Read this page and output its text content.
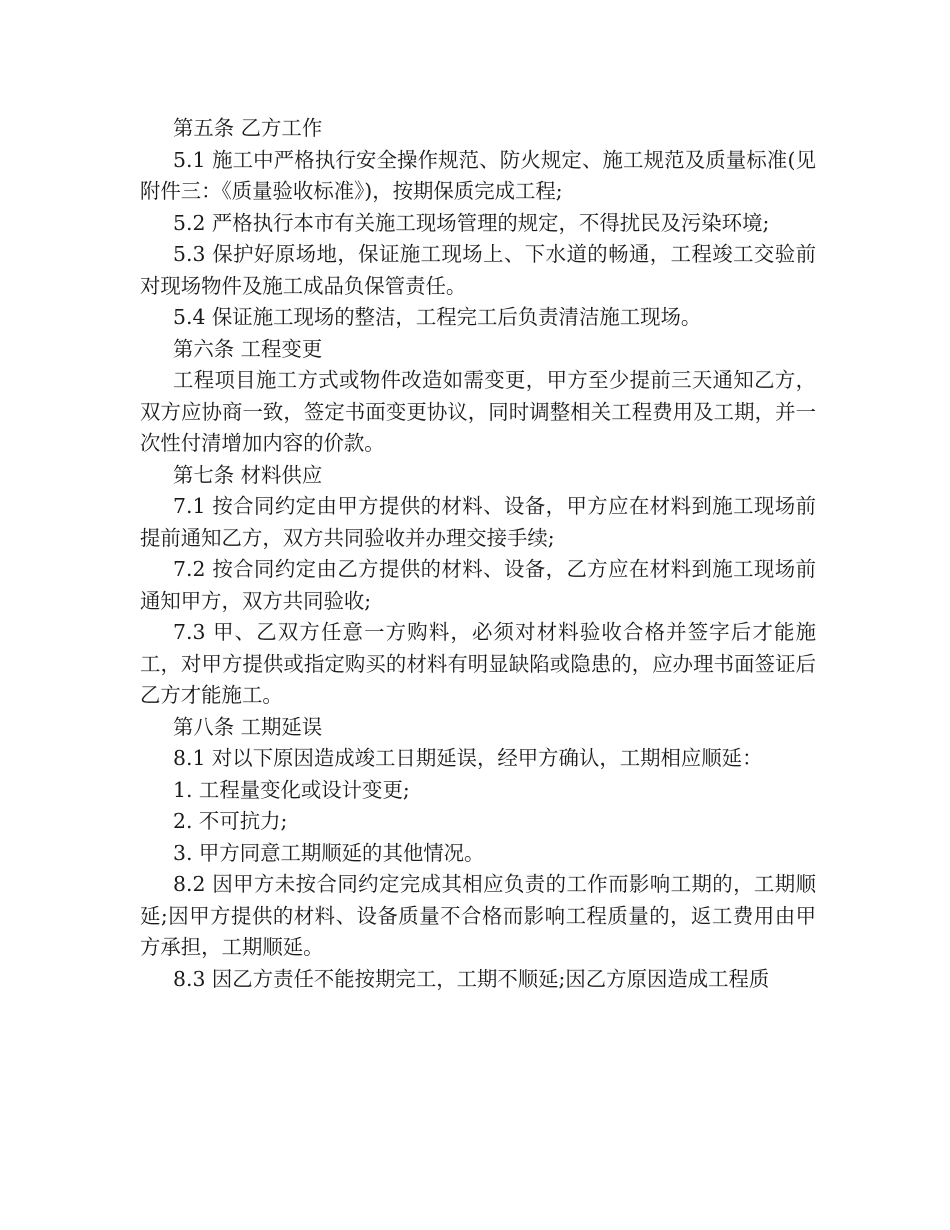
第五条 乙方工作

5.1 施工中严格执行安全操作规范、防火规定、施工规范及质量标准(见附件三：《质量验收标准》)，按期保质完成工程;

5.2 严格执行本市有关施工现场管理的规定，不得扰民及污染环境;

5.3 保护好原场地，保证施工现场上、下水道的畅通，工程竣工交验前对现场物件及施工成品负保管责任。

5.4 保证施工现场的整洁，工程完工后负责清洁施工现场。

第六条 工程变更

工程项目施工方式或物件改造如需变更，甲方至少提前三天通知乙方，双方应协商一致，签定书面变更协议，同时调整相关工程费用及工期，并一次性付清增加内容的价款。

第七条 材料供应

7.1 按合同约定由甲方提供的材料、设备，甲方应在材料到施工现场前提前通知乙方，双方共同验收并办理交接手续;

7.2 按合同约定由乙方提供的材料、设备，乙方应在材料到施工现场前通知甲方，双方共同验收;

7.3 甲、乙双方任意一方购料，必须对材料验收合格并签字后才能施工，对甲方提供或指定购买的材料有明显缺陷或隐患的，应办理书面签证后乙方才能施工。

第八条 工期延误

8.1 对以下原因造成竣工日期延误，经甲方确认，工期相应顺延：

1. 工程量变化或设计变更;

2. 不可抗力;

3. 甲方同意工期顺延的其他情况。

8.2 因甲方未按合同约定完成其相应负责的工作而影响工期的，工期顺延;因甲方提供的材料、设备质量不合格而影响工程质量的，返工费用由甲方承担，工期顺延。

8.3 因乙方责任不能按期完工，工期不顺延;因乙方原因造成工程质
